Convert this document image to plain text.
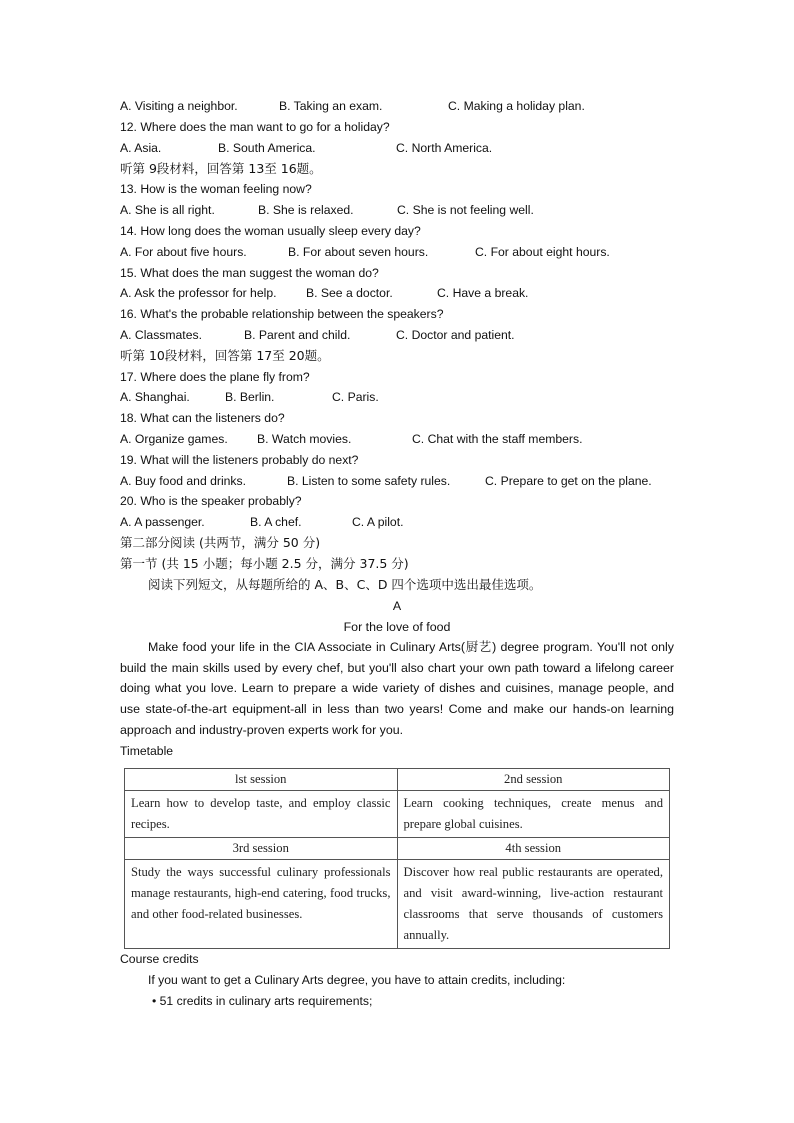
A. Visiting a neighbor.	B. Taking an exam.	C. Making a holiday plan.
12. Where does the man want to go for a holiday?
A. Asia.	B. South America.	C. North America.
听第 9段材料，回答第 13至 16题。
13. How is the woman feeling now?
A. She is all right.	B. She is relaxed.	C. She is not feeling well.
14. How long does the woman usually sleep every day?
A. For about five hours.	B. For about seven hours.	C. For about eight hours.
15. What does the man suggest the woman do?
A. Ask the professor for help. B. See a doctor.	C. Have a break.
16. What's the probable relationship between the speakers?
A. Classmates.	B. Parent and child.	C. Doctor and patient.
听第 10段材料，回答第 17至 20题。
17. Where does the plane fly from?
A. Shanghai.	B. Berlin.	C. Paris.
18. What can the listeners do?
A. Organize games. B. Watch movies.	C. Chat with the staff members.
19. What will the listeners probably do next?
A. Buy food and drinks.	B. Listen to some safety rules.	C. Prepare to get on the plane.
20. Who is the speaker probably?
A. A passenger.	B. A chef.	C. A pilot.
第二部分阅读 (共两节，满分 50 分)
第一节 (共 15 小题；每小题 2.5 分，满分 37.5 分)
阅读下列短文，从每题所给的 A、B、C、D 四个选项中选出最佳选项。
A
For the love of food
Make food your life in the CIA Associate in Culinary Arts(厨艺) degree program. You'll not only build the main skills used by every chef, but you'll also chart your own path toward a lifelong career doing what you love. Learn to prepare a wide variety of dishes and cuisines, manage people, and use state-of-the-art equipment-all in less than two years! Come and make our hands-on learning approach and industry-proven experts work for you.
Timetable
lst session	2nd session
Learn how to develop taste, and employ classic recipes.	Learn cooking techniques, create menus and prepare global cuisines.
3rd session	4th session
Study the ways successful culinary professionals manage restaurants, high-end catering, food trucks, and other food-related businesses.	Discover how real public restaurants are operated, and visit award-winning, live-action restaurant classrooms that serve thousands of customers annually.
Course credits
If you want to get a Culinary Arts degree, you have to attain credits, including:
• 51 credits in culinary arts requirements;
